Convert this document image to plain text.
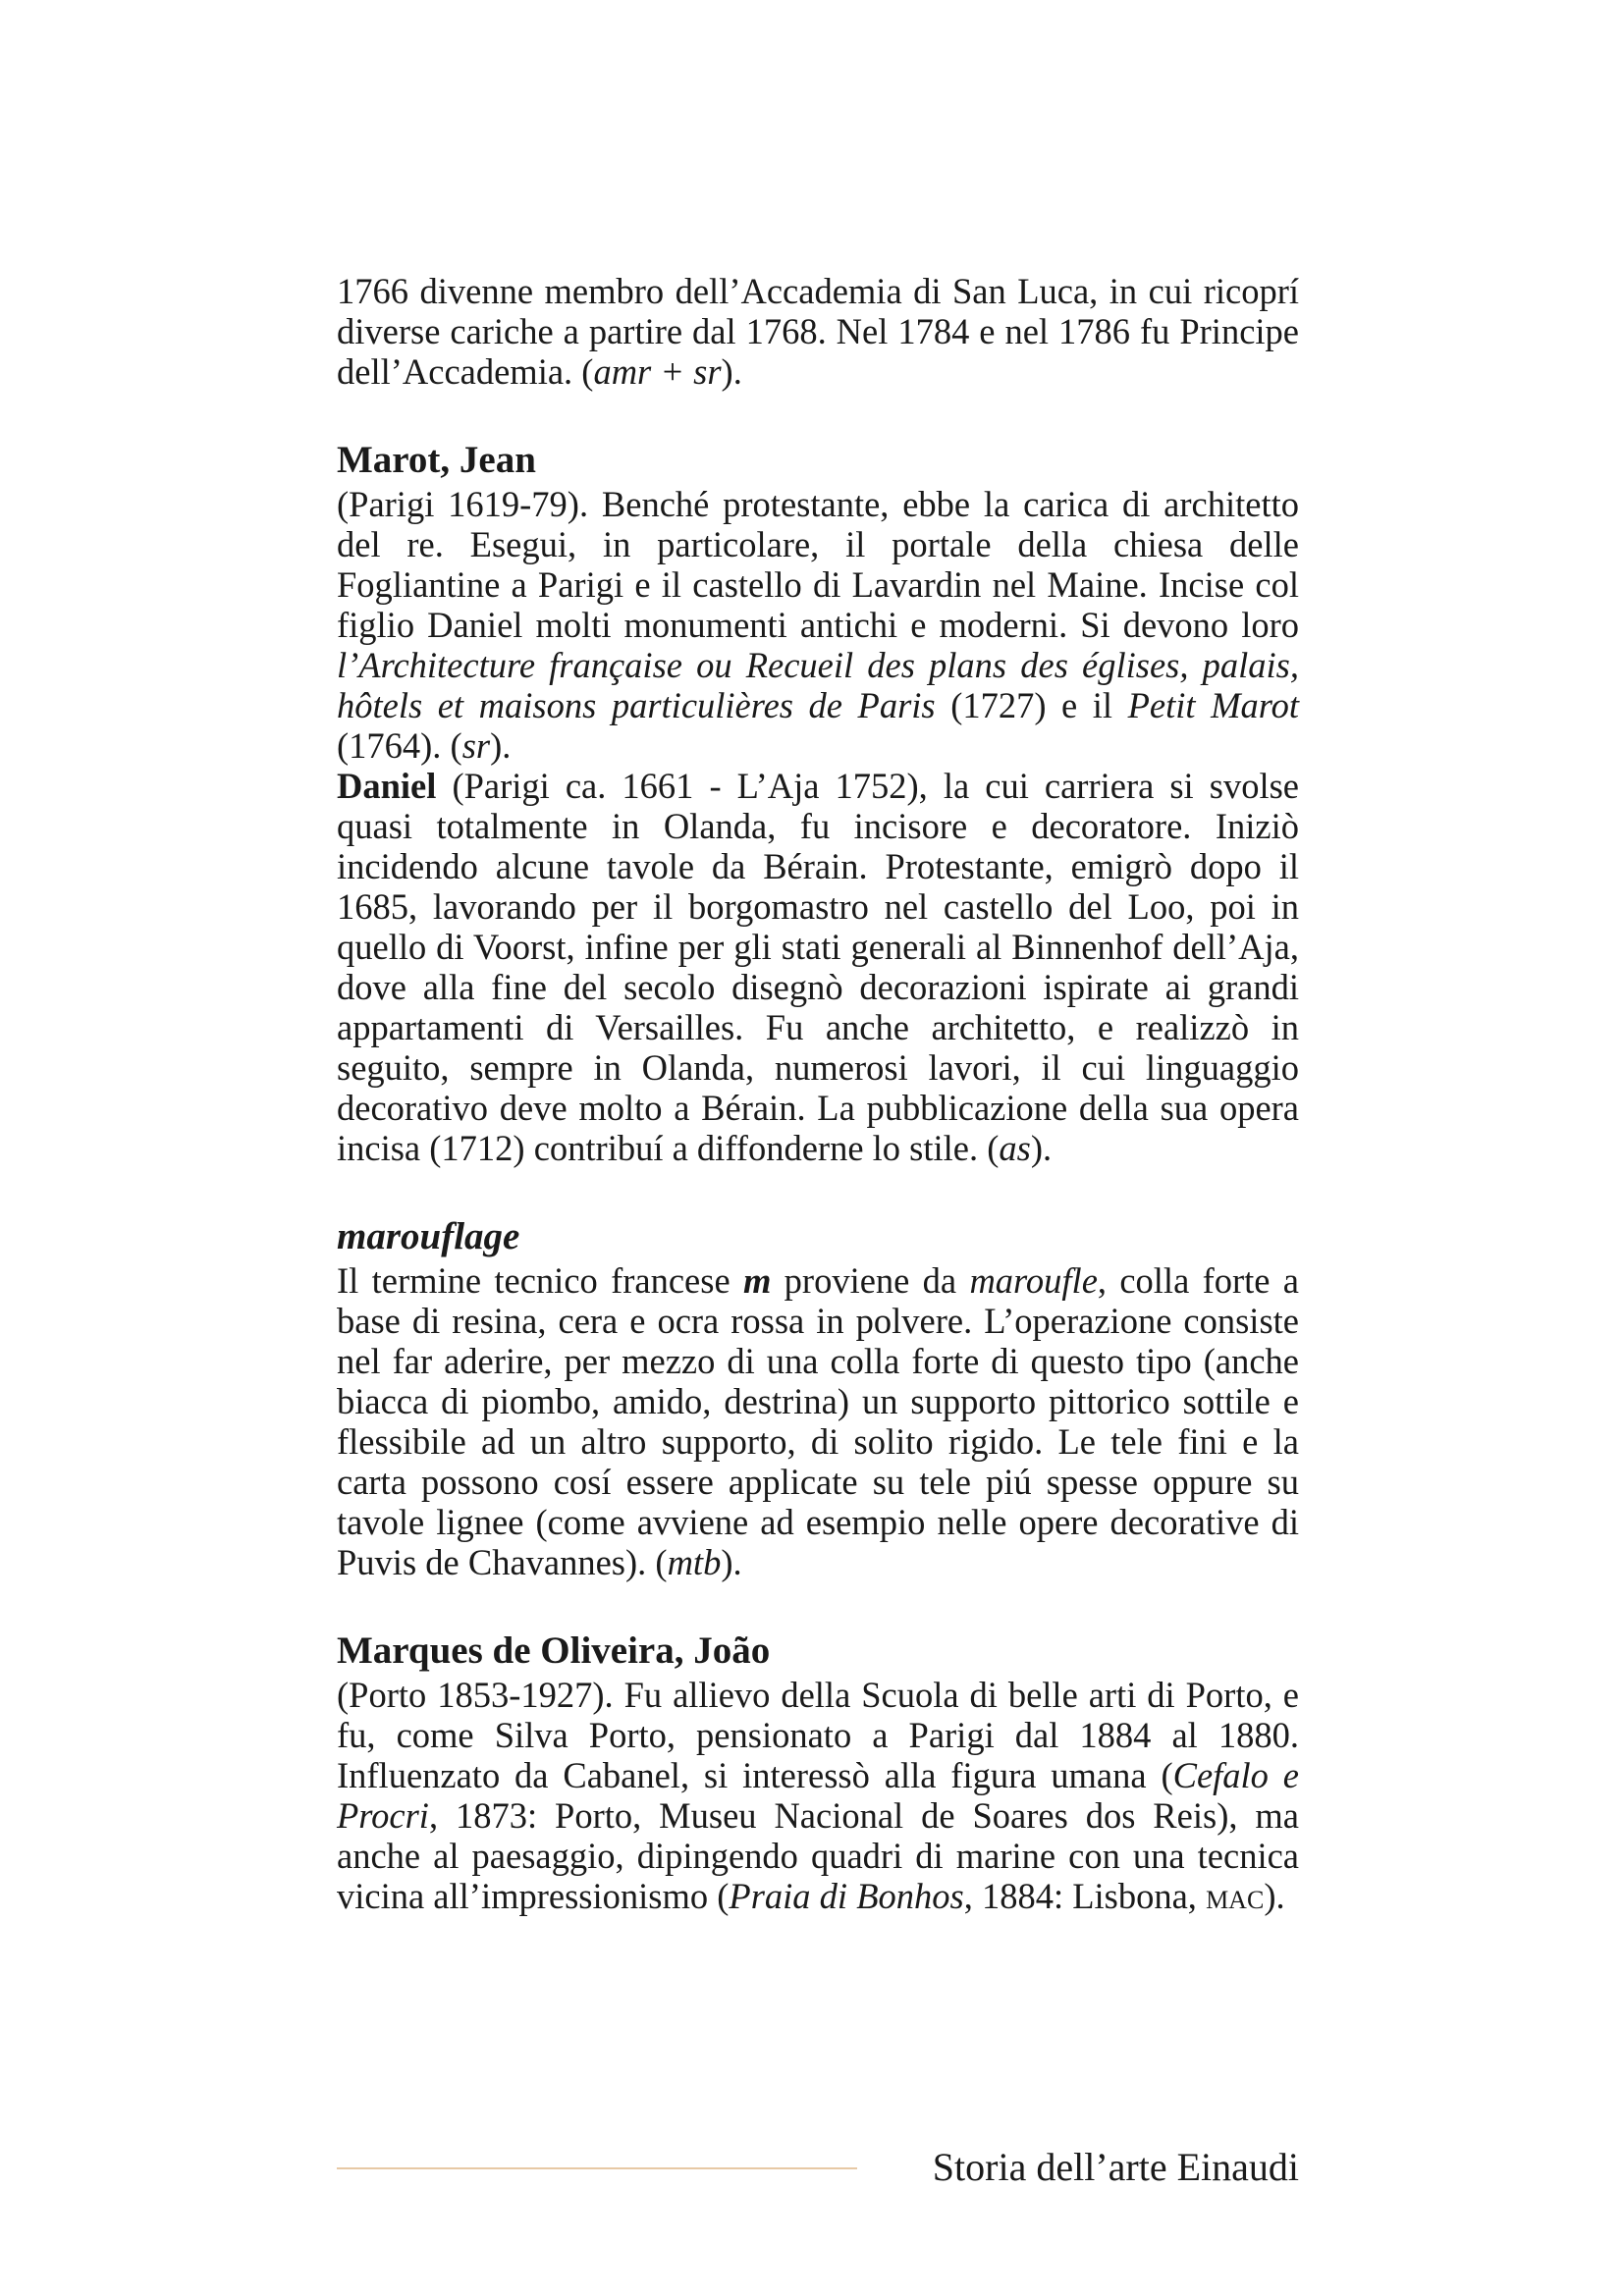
1766 divenne membro dell’Accademia di San Luca, in cui ricoprí diverse cariche a partire dal 1768. Nel 1784 e nel 1786 fu Principe dell’Accademia. (amr + sr).

Marot, Jean

(Parigi 1619-79). Benché protestante, ebbe la carica di architetto del re. Esegui, in particolare, il portale della chiesa delle Fogliantine a Parigi e il castello di Lavardin nel Maine. Incise col figlio Daniel molti monumenti antichi e moderni. Si devono loro l’Architecture française ou Recueil des plans des églises, palais, hôtels et maisons particulières de Paris (1727) e il Petit Marot (1764). (sr).

Daniel (Parigi ca. 1661 - L’Aja 1752), la cui carriera si svolse quasi totalmente in Olanda, fu incisore e decoratore. Iniziò incidendo alcune tavole da Bérain. Protestante, emigrò dopo il 1685, lavorando per il borgomastro nel castello del Loo, poi in quello di Voorst, infine per gli stati generali al Binnenhof dell’Aja, dove alla fine del secolo disegnò decorazioni ispirate ai grandi appartamenti di Versailles. Fu anche architetto, e realizzò in seguito, sempre in Olanda, numerosi lavori, il cui linguaggio decorativo deve molto a Bérain. La pubblicazione della sua opera incisa (1712) contribuí a diffonderne lo stile. (as).

marouflage

Il termine tecnico francese m proviene da maroufle, colla forte a base di resina, cera e ocra rossa in polvere. L’operazione consiste nel far aderire, per mezzo di una colla forte di questo tipo (anche biacca di piombo, amido, destrina) un supporto pittorico sottile e flessibile ad un altro supporto, di solito rigido. Le tele fini e la carta possono cosí essere applicate su tele piú spesse oppure su tavole lignee (come avviene ad esempio nelle opere decorative di Puvis de Chavannes). (mtb).

Marques de Oliveira, João

(Porto 1853-1927). Fu allievo della Scuola di belle arti di Porto, e fu, come Silva Porto, pensionato a Parigi dal 1884 al 1880. Influenzato da Cabanel, si interessò alla figura umana (Cefalo e Procri, 1873: Porto, Museu Nacional de Soares dos Reis), ma anche al paesaggio, dipingendo quadri di marine con una tecnica vicina all’impressionismo (Praia di Bonhos, 1884: Lisbona, mac).

Storia dell’arte Einaudi
